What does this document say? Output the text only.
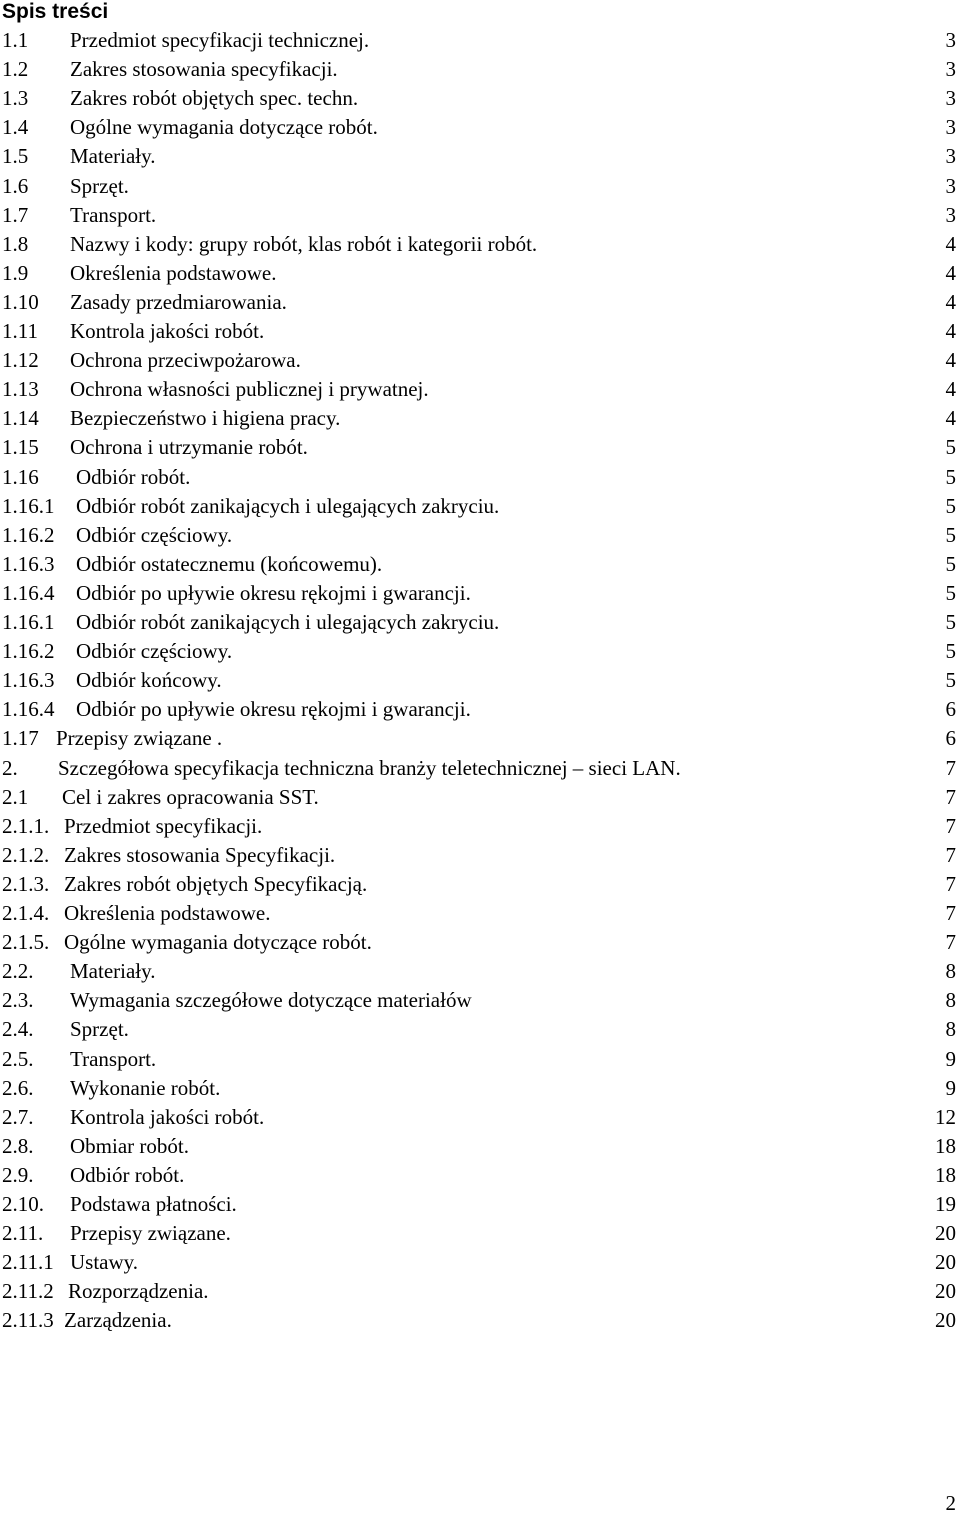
Spis treści
1.1 Przedmiot specyfikacji technicznej.	3
1.2 Zakres stosowania specyfikacji.	3
1.3 Zakres robót objętych spec. techn.	3
1.4 Ogólne wymagania dotyczące robót.	3
1.5 Materiały.	3
1.6 Sprzęt.	3
1.7 Transport.	3
1.8 Nazwy i kody: grupy robót, klas robót i kategorii robót.	4
1.9 Określenia podstawowe.	4
1.10 Zasady przedmiarowania.	4
1.11 Kontrola jakości robót.	4
1.12 Ochrona przeciwpożarowa.	4
1.13 Ochrona własności publicznej i prywatnej.	4
1.14 Bezpieczeństwo i higiena pracy.	4
1.15 Ochrona i utrzymanie robót.	5
1.16 Odbiór robót.	5
1.16.1 Odbiór robót zanikających i ulegających zakryciu.	5
1.16.2 Odbiór częściowy.	5
1.16.3 Odbiór ostatecznemu (końcowemu).	5
1.16.4 Odbiór po upływie okresu rękojmi i gwarancji.	5
1.16.1 Odbiór robót zanikających i ulegających zakryciu.	5
1.16.2 Odbiór częściowy.	5
1.16.3 Odbiór końcowy.	5
1.16.4 Odbiór po upływie okresu rękojmi i gwarancji.	6
1.17 Przepisy związane .	6
2. Szczegółowa specyfikacja techniczna branży teletechnicznej – sieci LAN.	7
2.1 Cel i zakres opracowania SST.	7
2.1.1. Przedmiot specyfikacji.	7
2.1.2. Zakres stosowania Specyfikacji.	7
2.1.3. Zakres robót objętych Specyfikacją.	7
2.1.4. Określenia podstawowe.	7
2.1.5. Ogólne wymagania dotyczące robót.	7
2.2. Materiały.	8
2.3. Wymagania szczegółowe dotyczące materiałów	8
2.4. Sprzęt.	8
2.5. Transport.	9
2.6. Wykonanie robót.	9
2.7. Kontrola jakości robót.	12
2.8. Obmiar robót.	18
2.9. Odbiór robót.	18
2.10. Podstawa płatności.	19
2.11. Przepisy związane.	20
2.11.1 Ustawy.	20
2.11.2 Rozporządzenia.	20
2.11.3 Zarządzenia.	20
2
